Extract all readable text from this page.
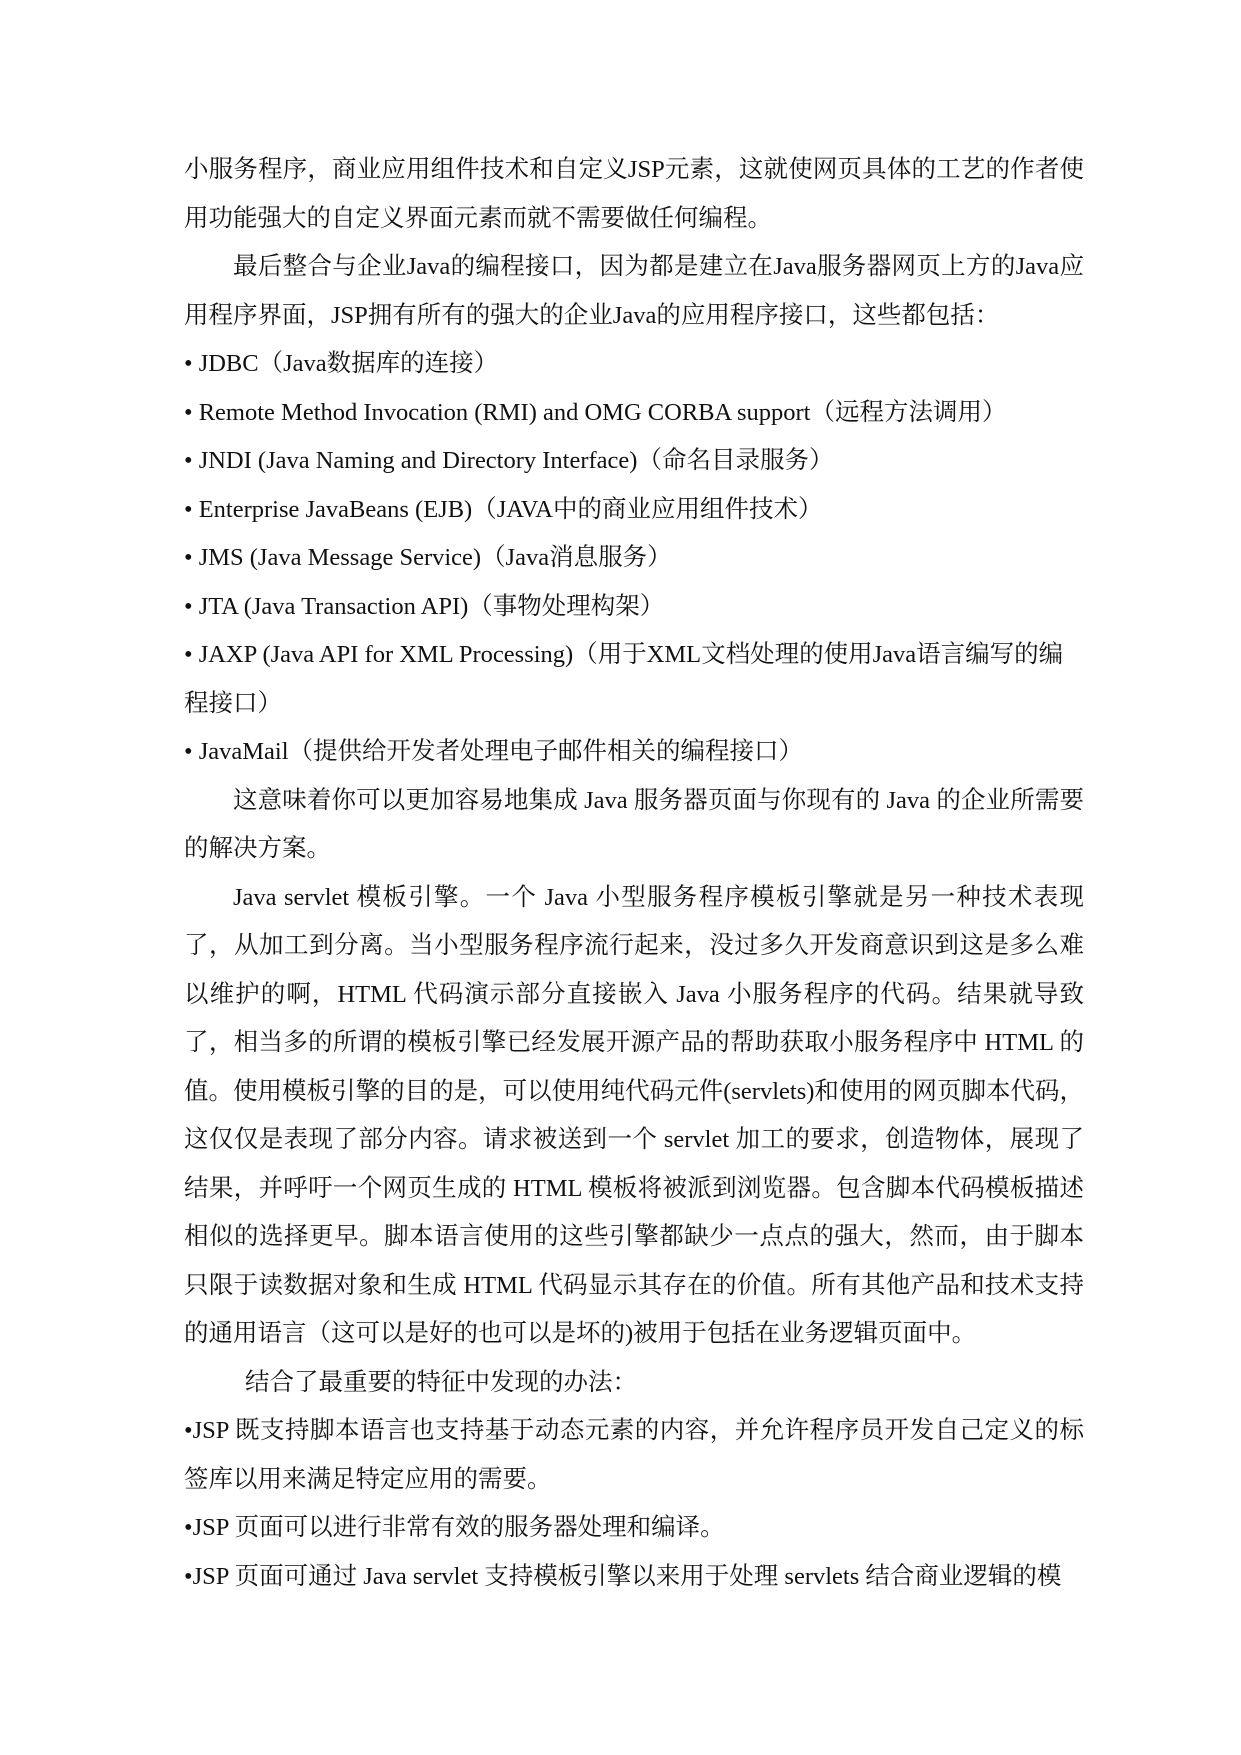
小服务程序，商业应用组件技术和自定义JSP元素，这就使网页具体的工艺的作者使用功能强大的自定义界面元素而就不需要做任何编程。

最后整合与企业Java的编程接口，因为都是建立在Java服务器网页上方的Java应用程序界面，JSP拥有所有的强大的企业Java的应用程序接口，这些都包括：

• JDBC（Java数据库的连接）

• Remote Method Invocation (RMI) and OMG CORBA support（远程方法调用）

• JNDI (Java Naming and Directory Interface)（命名目录服务）

• Enterprise JavaBeans (EJB)（JAVA中的商业应用组件技术）

• JMS (Java Message Service)（Java消息服务）

• JTA (Java Transaction API)（事物处理构架）

• JAXP (Java API for XML Processing)（用于XML文档处理的使用Java语言编写的编程接口）

• JavaMail（提供给开发者处理电子邮件相关的编程接口）

这意味着你可以更加容易地集成 Java 服务器页面与你现有的 Java 的企业所需要的解决方案。

Java servlet 模板引擎。一个 Java 小型服务程序模板引擎就是另一种技术表现了，从加工到分离。当小型服务程序流行起来，没过多久开发商意识到这是多么难以维护的啊，HTML 代码演示部分直接嵌入 Java 小服务程序的代码。结果就导致了，相当多的所谓的模板引擎已经发展开源产品的帮助获取小服务程序中 HTML 的值。使用模板引擎的目的是，可以使用纯代码元件(servlets)和使用的网页脚本代码，这仅仅是表现了部分内容。请求被送到一个 servlet 加工的要求，创造物体，展现了结果，并呼吁一个网页生成的 HTML 模板将被派到浏览器。包含脚本代码模板描述相似的选择更早。脚本语言使用的这些引擎都缺少一点点的强大，然而，由于脚本只限于读数据对象和生成 HTML 代码显示其存在的价值。所有其他产品和技术支持的通用语言（这可以是好的也可以是坏的)被用于包括在业务逻辑页面中。

结合了最重要的特征中发现的办法：

•JSP 既支持脚本语言也支持基于动态元素的内容，并允许程序员开发自己定义的标签库以用来满足特定应用的需要。

•JSP 页面可以进行非常有效的服务器处理和编译。

•JSP 页面可通过 Java servlet 支持模板引擎以来用于处理 servlets 结合商业逻辑的模
